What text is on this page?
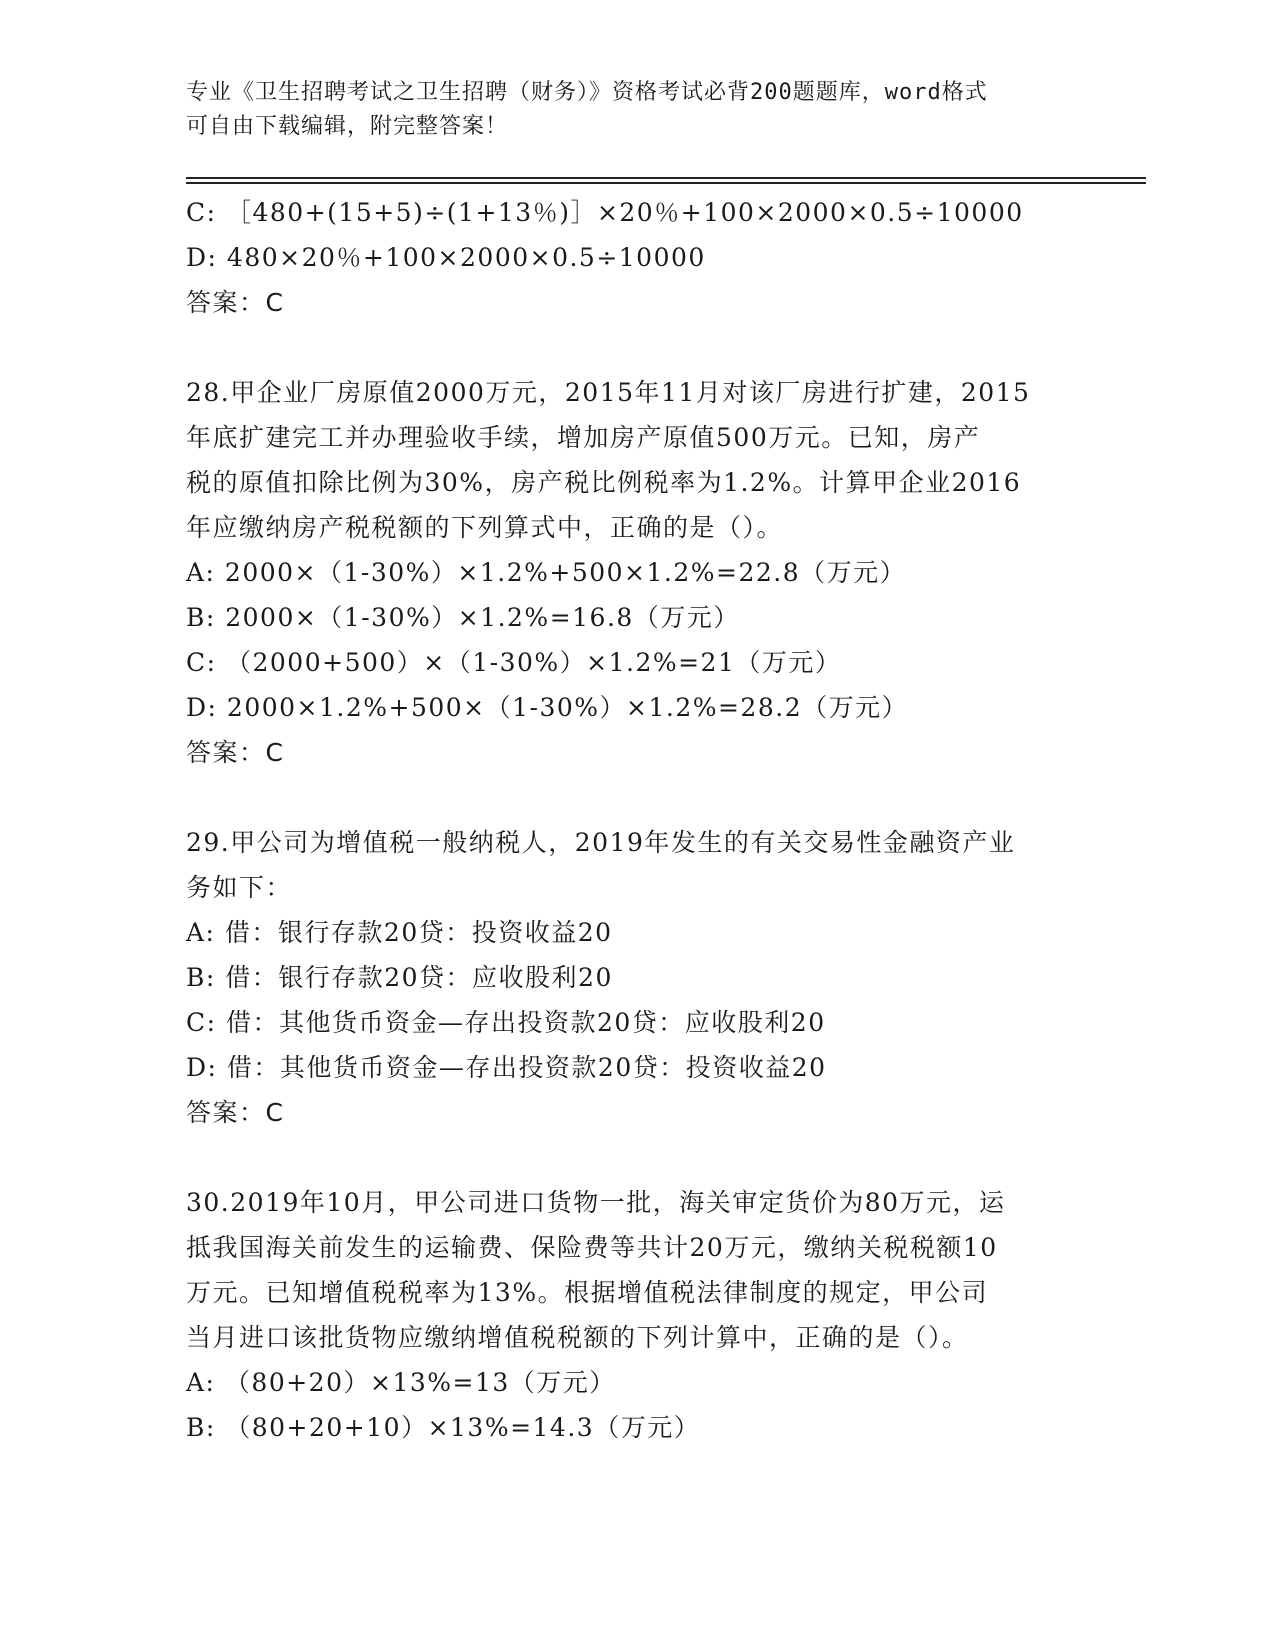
专业《卫生招聘考试之卫生招聘（财务）》资格考试必背200题题库，word格式
可自由下载编辑，附完整答案！
C: ［480+(15+5)÷(1+13％)］×20％+100×2000×0.5÷10000
D: 480×20％+100×2000×0.5÷10000
答案：C
28.甲企业厂房原值2000万元，2015年11月对该厂房进行扩建，2015
年底扩建完工并办理验收手续，增加房产原值500万元。已知，房产
税的原值扣除比例为30%，房产税比例税率为1.2%。计算甲企业2016
年应缴纳房产税税额的下列算式中，正确的是（）。
A: 2000×（1-30%）×1.2%+500×1.2%=22.8（万元）
B: 2000×（1-30%）×1.2%=16.8（万元）
C: （2000+500）×（1-30%）×1.2%=21（万元）
D: 2000×1.2%+500×（1-30%）×1.2%=28.2（万元）
答案：C
29.甲公司为增值税一般纳税人，2019年发生的有关交易性金融资产业
务如下：
A: 借：银行存款20贷：投资收益20
B: 借：银行存款20贷：应收股利20
C: 借：其他货币资金—存出投资款20贷：应收股利20
D: 借：其他货币资金—存出投资款20贷：投资收益20
答案：C
30.2019年10月，甲公司进口货物一批，海关审定货价为80万元，运
抵我国海关前发生的运输费、保险费等共计20万元，缴纳关税税额10
万元。已知增值税税率为13%。根据增值税法律制度的规定，甲公司
当月进口该批货物应缴纳增值税税额的下列计算中，正确的是（）。
A: （80+20）×13%=13（万元）
B: （80+20+10）×13%=14.3（万元）
